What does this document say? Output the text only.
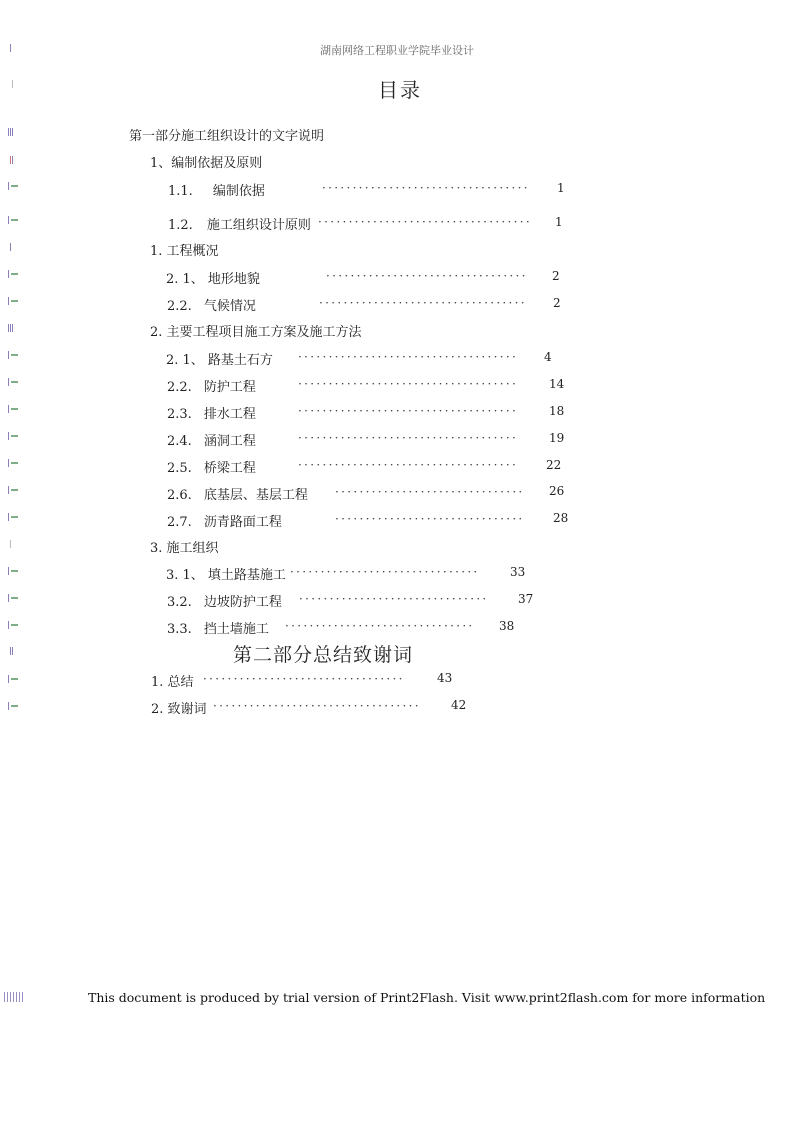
湖南网络工程职业学院毕业设计
目录
第一部分施工组织设计的文字说明
1、编制依据及原则
1.1. 编制依据	··································	1
1.2. 施工组织设计原则 ···································	1
1. 工程概况
2. 1、 地形地貌	·································	2
2.2. 气候情况	··································	2
2. 主要工程项目施工方案及施工方法
2. 1、 路基土石方 ····································	4
2.2. 防护工程	····································	14
2.3. 排水工程	····································	18
2.4. 涵洞工程	····································	19
2.5. 桥梁工程	····································	22
2.6. 底基层、基层工程 ·······························	26
2.7. 沥青路面工程	·······························	28
3. 施工组织
3. 1、 填土路基施工 ·······························	33
3.2. 边坡防护工程 ·······························	37
3.3. 挡土墙施工 ·······························	38
第二部分总结致谢词
1. 总结 ·································	43
2. 致谢词 ··································	42
This document is produced by trial version of Print2Flash. Visit www.print2flash.com for more information
